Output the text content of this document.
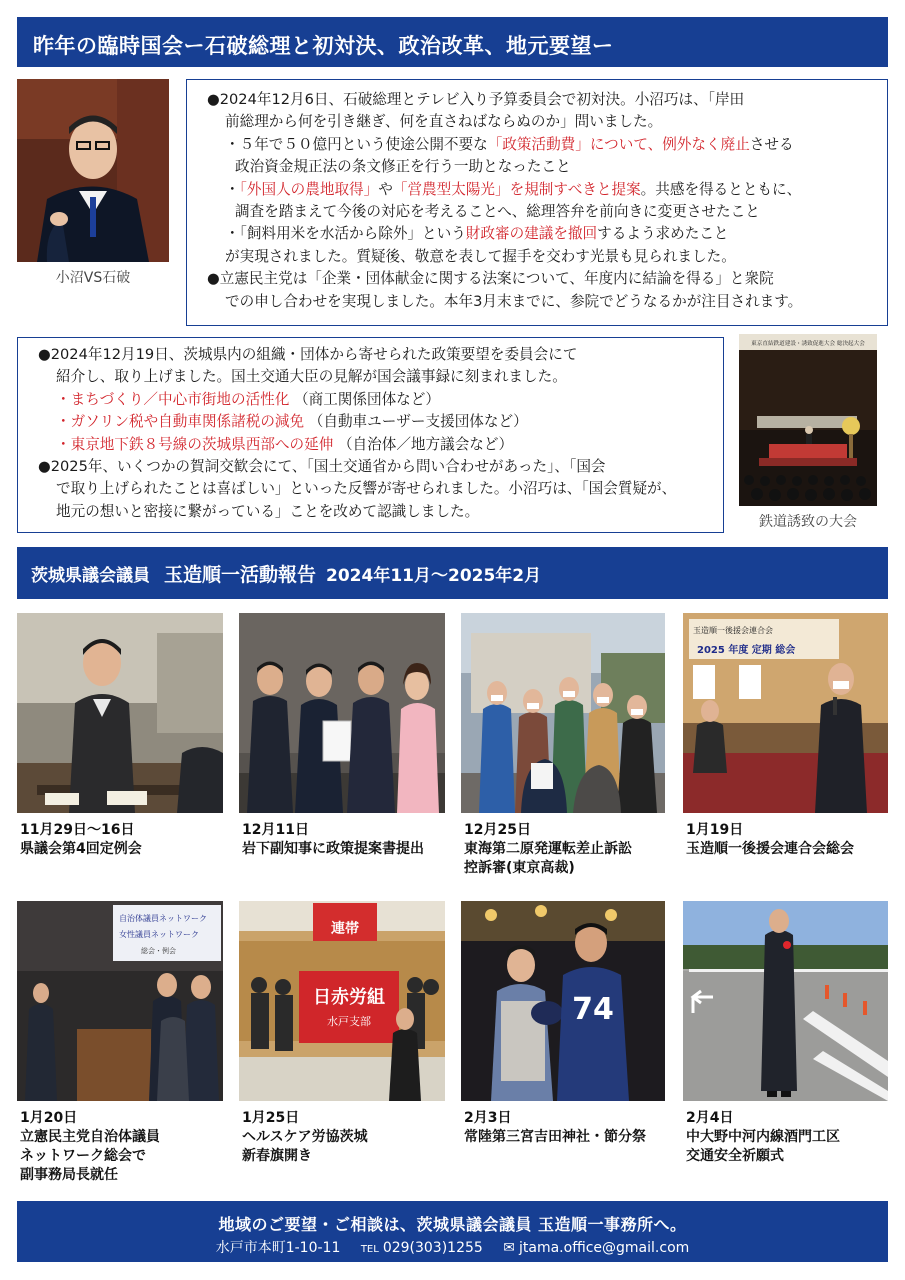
昨年の臨時国会ー石破総理と初対決、政治改革、地元要望ー
小沼VS石破
●2024年12月6日、石破総理とテレビ入り予算委員会で初対決。小沼巧は、「岸田
前総理から何を引き継ぎ、何を直さねばならぬのか」問いました。
・５年で５０億円という使途公開不要な「政策活動費」について、例外なく廃止させる
政治資金規正法の条文修正を行う一助となったこと
・「外国人の農地取得」や「営農型太陽光」を規制すべきと提案。共感を得るとともに、
調査を踏まえて今後の対応を考えることへ、総理答弁を前向きに変更させたこと
・「飼料用米を水活から除外」という財政審の建議を撤回するよう求めたこと
が実現されました。質疑後、敬意を表して握手を交わす光景も見られました。
●立憲民主党は「企業・団体献金に関する法案について、年度内に結論を得る」と衆院
での申し合わせを実現しました。本年3月末までに、参院でどうなるかが注目されます。
●2024年12月19日、茨城県内の組織・団体から寄せられた政策要望を委員会にて
紹介し、取り上げました。国土交通大臣の見解が国会議事録に刻まれました。
・まちづくり／中心市街地の活性化 （商工関係団体など）
・ガソリン税や自動車関係諸税の減免 （自動車ユーザー支援団体など）
・東京地下鉄８号線の茨城県西部への延伸 （自治体／地方議会など）
●2025年、いくつかの賀詞交歓会にて、「国土交通省から問い合わせがあった」、「国会
で取り上げられたことは喜ばしい」といった反響が寄せられました。小沼巧は、「国会質疑が、
地元の想いと密接に繋がっている」ことを改めて認識しました。
東京直結鉄道建設・誘致促進大会 総決起大会
鉄道誘致の大会
茨城県議会議員 玉造順一活動報告 2024年11月〜2025年2月
玉造順一後援会連合会
2025 年度 定期 総会
11月29日〜16日
県議会第4回定例会
12月11日
岩下副知事に政策提案書提出
12月25日
東海第二原発運転差止訴訟
控訴審(東京高裁)
1月19日
玉造順一後援会連合会総会
自治体議員ネットワーク
女性議員ネットワーク
総会・例会
連帯
日赤労組
水戸支部	74
1月20日
立憲民主党自治体議員
ネットワーク総会で
副事務局長就任
1月25日
ヘルスケア労協茨城
新春旗開き
2月3日
常陸第三宮吉田神社・節分祭
2月4日
中大野中河内線酒門工区
交通安全祈願式
地域のご要望・ご相談は、茨城県議会議員 玉造順一事務所へ。
水戸市本町1-10-11 TEL 029(303)1255 ✉ jtama.office@gmail.com
